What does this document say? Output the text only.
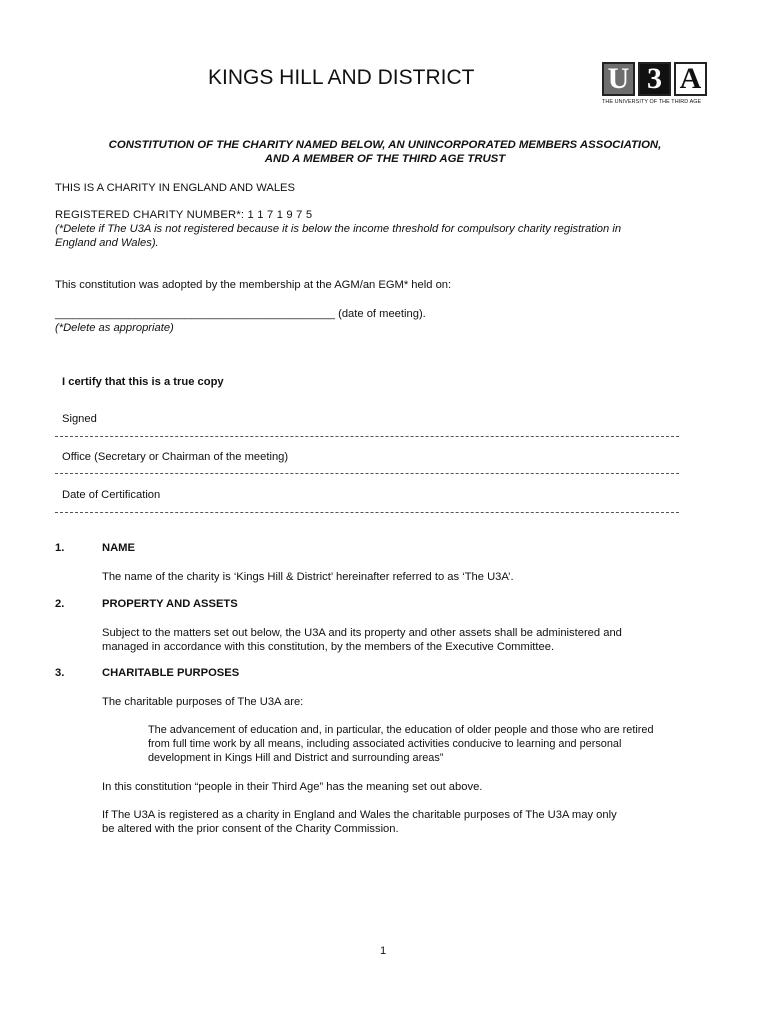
KINGS HILL AND DISTRICT	U 3 A
THE UNIVERSITY OF THE THIRD AGE
CONSTITUTION OF THE CHARITY NAMED BELOW, AN UNINCORPORATED MEMBERS ASSOCIATION,
AND A MEMBER OF THE THIRD AGE TRUST
THIS IS A CHARITY IN ENGLAND AND WALES
REGISTERED CHARITY NUMBER*: 1 1 7 1 9 7 5
(*Delete if The U3A is not registered because it is below the income threshold for compulsory charity registration in
England and Wales).
This constitution was adopted by the membership at the AGM/an EGM* held on:
_____________________________________________ (date of meeting).
(*Delete as appropriate)
I certify that this is a true copy
Signed
Office (Secretary or Chairman of the meeting)
Date of Certification
1.	NAME
The name of the charity is ‘Kings Hill & District’ hereinafter referred to as ‘The U3A’.
2.	PROPERTY AND ASSETS
Subject to the matters set out below, the U3A and its property and other assets shall be administered and
managed in accordance with this constitution, by the members of the Executive Committee.
3.	CHARITABLE PURPOSES
The charitable purposes of The U3A are:
The advancement of education and, in particular, the education of older people and those who are retired
from full time work by all means, including associated activities conducive to learning and personal
development in Kings Hill and District and surrounding areas”
In this constitution “people in their Third Age” has the meaning set out above.
If The U3A is registered as a charity in England and Wales the charitable purposes of The U3A may only
be altered with the prior consent of the Charity Commission.
1
